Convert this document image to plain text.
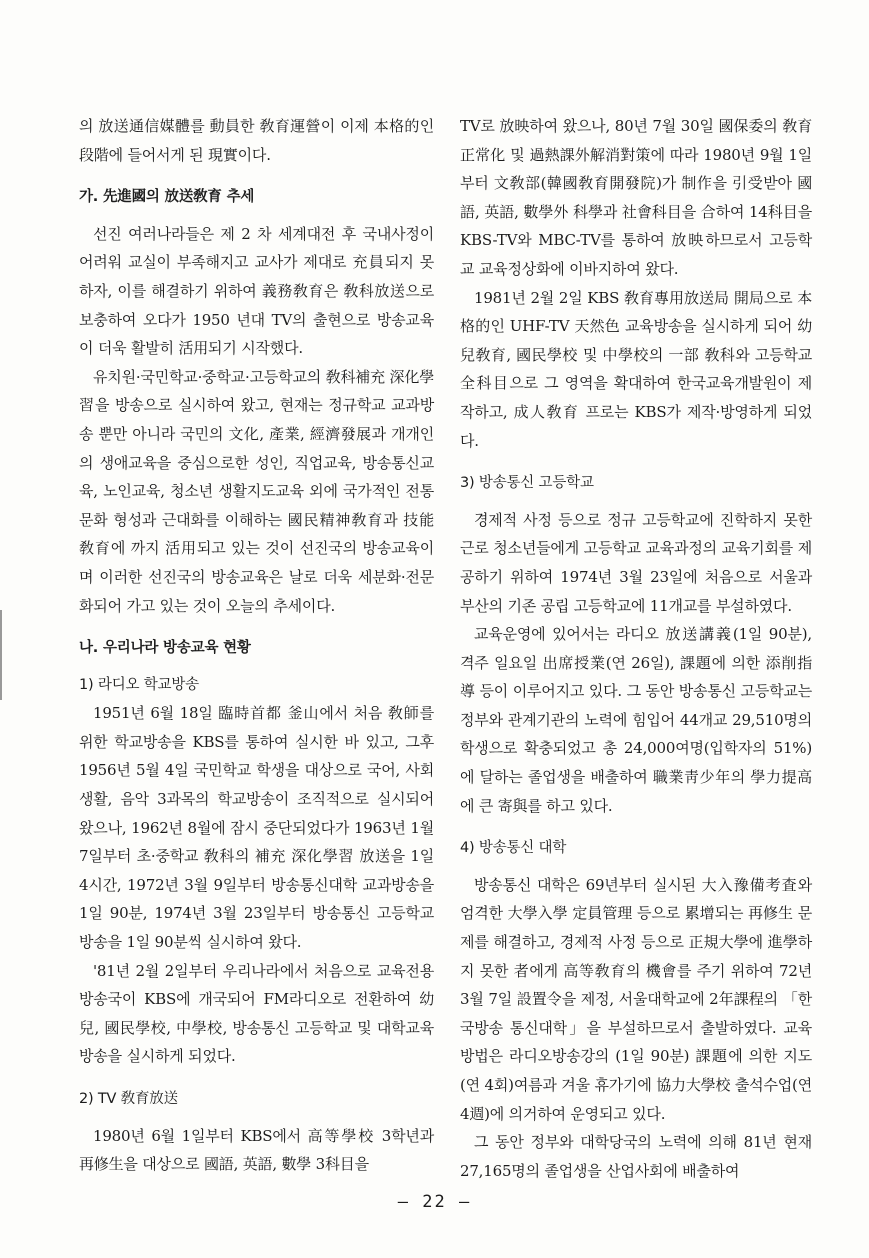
의 放送通信媒體를 動員한 敎育運營이 이제 本格的인 段階에 들어서게 된 現實이다.

가. 先進國의 放送敎育 추세

선진 여러나라들은 제 2 차 세계대전 후 국내사정이 어려워 교실이 부족해지고 교사가 제대로 充員되지 못하자, 이를 해결하기 위하여 義務敎育은 敎科放送으로 보충하여 오다가 1950 년대 TV의 출현으로 방송교육이 더욱 활발히 活用되기 시작했다.

유치원·국민학교·중학교·고등학교의 敎科補充 深化學習을 방송으로 실시하여 왔고, 현재는 정규학교 교과방송 뿐만 아니라 국민의 文化, 產業, 經濟發展과 개개인의 생애교육을 중심으로한 성인, 직업교육, 방송통신교육, 노인교육, 청소년 생활지도교육 외에 국가적인 전통문화 형성과 근대화를 이해하는 國民精神敎育과 技能敎育에 까지 活用되고 있는 것이 선진국의 방송교육이며 이러한 선진국의 방송교육은 날로 더욱 세분화·전문화되어 가고 있는 것이 오늘의 추세이다.

나. 우리나라 방송교육 현황

1) 라디오 학교방송

1951년 6월 18일 臨時首都 釜山에서 처음 敎師를 위한 학교방송을 KBS를 통하여 실시한 바 있고, 그후 1956년 5월 4일 국민학교 학생을 대상으로 국어, 사회생활, 음악 3과목의 학교방송이 조직적으로 실시되어 왔으나, 1962년 8월에 잠시 중단되었다가 1963년 1월 7일부터 초·중학교 敎科의 補充 深化學習 放送을 1일 4시간, 1972년 3월 9일부터 방송통신대학 교과방송을 1일 90분, 1974년 3월 23일부터 방송통신 고등학교 방송을 1일 90분씩 실시하여 왔다.

'81년 2월 2일부터 우리나라에서 처음으로 교육전용 방송국이 KBS에 개국되어 FM라디오로 전환하여 幼兒, 國民學校, 中學校, 방송통신 고등학교 및 대학교육 방송을 실시하게 되었다.

2) TV 敎育放送

1980년 6월 1일부터 KBS에서 高等學校 3학년과 再修生을 대상으로 國語, 英語, 數學 3科目을

TV로 放映하여 왔으나, 80년 7월 30일 國保委의 敎育正常化 및 過熱課外解消對策에 따라 1980년 9월 1일부터 文敎部(韓國敎育開發院)가 制作을 引受받아 國語, 英語, 數學外 科學과 社會科目을 合하여 14科目을 KBS-TV와 MBC-TV를 통하여 放映하므로서 고등학교 교육정상화에 이바지하여 왔다.

1981년 2월 2일 KBS 敎育專用放送局 開局으로 本格的인 UHF-TV 天然色 교육방송을 실시하게 되어 幼兒敎育, 國民學校 및 中學校의 一部 敎科와 고등학교 全科目으로 그 영역을 확대하여 한국교육개발원이 제작하고, 成人敎育 프로는 KBS가 제작·방영하게 되었다.

3) 방송통신 고등학교

경제적 사정 등으로 정규 고등학교에 진학하지 못한 근로 청소년들에게 고등학교 교육과정의 교육기회를 제공하기 위하여 1974년 3월 23일에 처음으로 서울과 부산의 기존 공립 고등학교에 11개교를 부설하였다.

교육운영에 있어서는 라디오 放送講義(1일 90분), 격주 일요일 出席授業(연 26일), 課題에 의한 添削指導 등이 이루어지고 있다. 그 동안 방송통신 고등학교는 정부와 관계기관의 노력에 힘입어 44개교 29,510명의 학생으로 확충되었고 총 24,000여명(입학자의 51%)에 달하는 졸업생을 배출하여 職業靑少年의 學力提高에 큰 寄與를 하고 있다.

4) 방송통신 대학

방송통신 대학은 69년부터 실시된 大入豫備考査와 엄격한 大學入學 定員管理 등으로 累增되는 再修生 문제를 해결하고, 경제적 사정 등으로 正規大學에 進學하지 못한 者에게 高等敎育의 機會를 주기 위하여 72년 3월 7일 設置令을 제정, 서울대학교에 2年課程의 「한국방송 통신대학」을 부설하므로서 출발하였다. 교육방법은 라디오방송강의 (1일 90분) 課題에 의한 지도(연 4회)여름과 겨울 휴가기에 協力大學校 출석수업(연 4週)에 의거하여 운영되고 있다.

그 동안 정부와 대학당국의 노력에 의해 81년 현재 27,165명의 졸업생을 산업사회에 배출하여

— 22 —
